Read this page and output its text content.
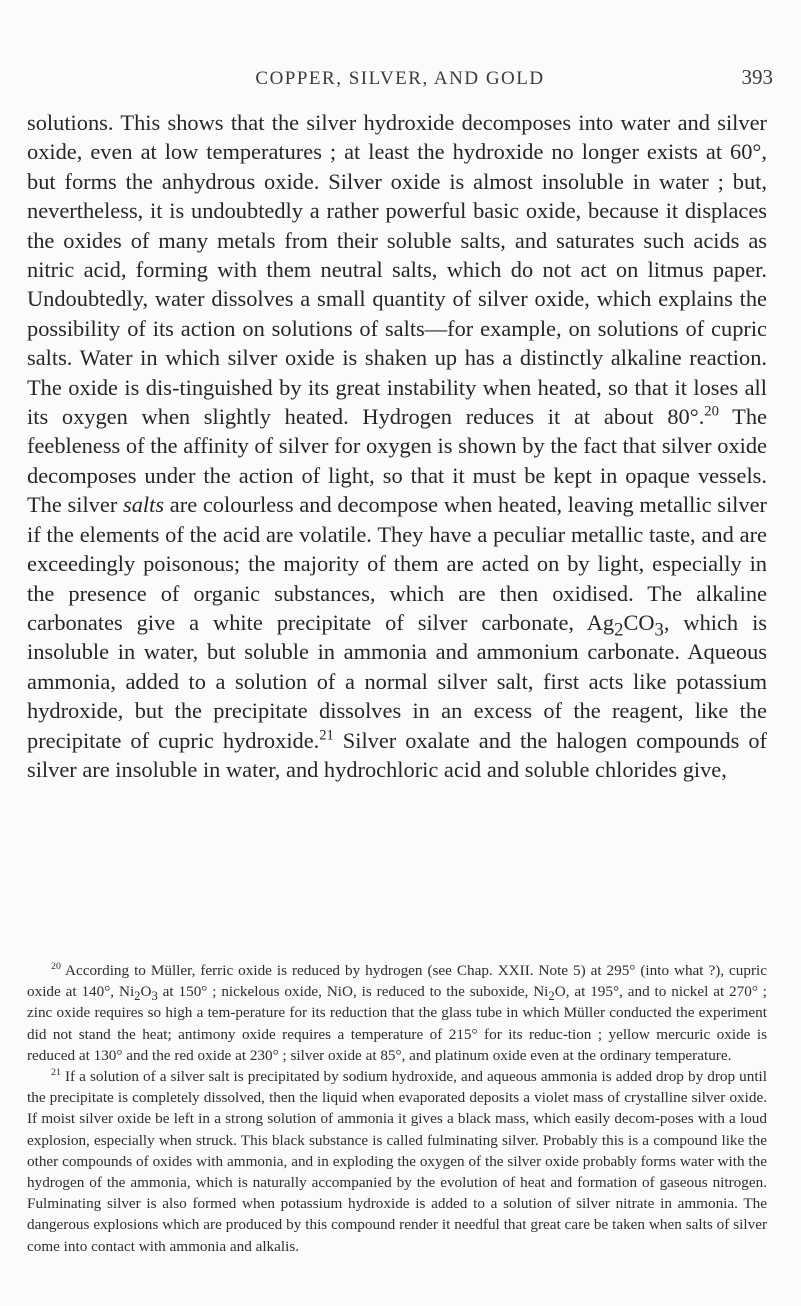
COPPER, SILVER, AND GOLD	393

solutions. This shows that the silver hydroxide decomposes into water and silver oxide, even at low temperatures ; at least the hydroxide no longer exists at 60°, but forms the anhydrous oxide. Silver oxide is almost insoluble in water ; but, nevertheless, it is undoubtedly a rather powerful basic oxide, because it displaces the oxides of many metals from their soluble salts, and saturates such acids as nitric acid, forming with them neutral salts, which do not act on litmus paper. Undoubtedly, water dissolves a small quantity of silver oxide, which explains the possibility of its action on solutions of salts—for example, on solutions of cupric salts. Water in which silver oxide is shaken up has a distinctly alkaline reaction. The oxide is dis-tinguished by its great instability when heated, so that it loses all its oxygen when slightly heated. Hydrogen reduces it at about 80°.$^{20}$ The feebleness of the affinity of silver for oxygen is shown by the fact that silver oxide decomposes under the action of light, so that it must be kept in opaque vessels. The silver salts are colourless and decompose when heated, leaving metallic silver if the elements of the acid are volatile. They have a peculiar metallic taste, and are exceedingly poisonous; the majority of them are acted on by light, especially in the presence of organic substances, which are then oxidised. The alkaline carbonates give a white precipitate of silver carbonate, $Ag_2CO_3$, which is insoluble in water, but soluble in ammonia and ammonium carbonate. Aqueous ammonia, added to a solution of a normal silver salt, first acts like potassium hydroxide, but the precipitate dissolves in an excess of the reagent, like the precipitate of cupric hydroxide.$^{21}$ Silver oxalate and the halogen compounds of silver are insoluble in water, and hydrochloric acid and soluble chlorides give,

$^{20}$ According to Müller, ferric oxide is reduced by hydrogen (see Chap. XXII. Note 5) at 295° (into what ?), cupric oxide at 140°, $Ni_2O_3$ at 150° ; nickelous oxide, NiO, is reduced to the suboxide, $Ni_2O$, at 195°, and to nickel at 270° ; zinc oxide requires so high a tem-perature for its reduction that the glass tube in which Müller conducted the experiment did not stand the heat; antimony oxide requires a temperature of 215° for its reduc-tion ; yellow mercuric oxide is reduced at 130° and the red oxide at 230° ; silver oxide at 85°, and platinum oxide even at the ordinary temperature.

$^{21}$ If a solution of a silver salt is precipitated by sodium hydroxide, and aqueous ammonia is added drop by drop until the precipitate is completely dissolved, then the liquid when evaporated deposits a violet mass of crystalline silver oxide. If moist silver oxide be left in a strong solution of ammonia it gives a black mass, which easily decom-poses with a loud explosion, especially when struck. This black substance is called fulminating silver. Probably this is a compound like the other compounds of oxides with ammonia, and in exploding the oxygen of the silver oxide probably forms water with the hydrogen of the ammonia, which is naturally accompanied by the evolution of heat and formation of gaseous nitrogen. Fulminating silver is also formed when potassium hydroxide is added to a solution of silver nitrate in ammonia. The dangerous explosions which are produced by this compound render it needful that great care be taken when salts of silver come into contact with ammonia and alkalis.
